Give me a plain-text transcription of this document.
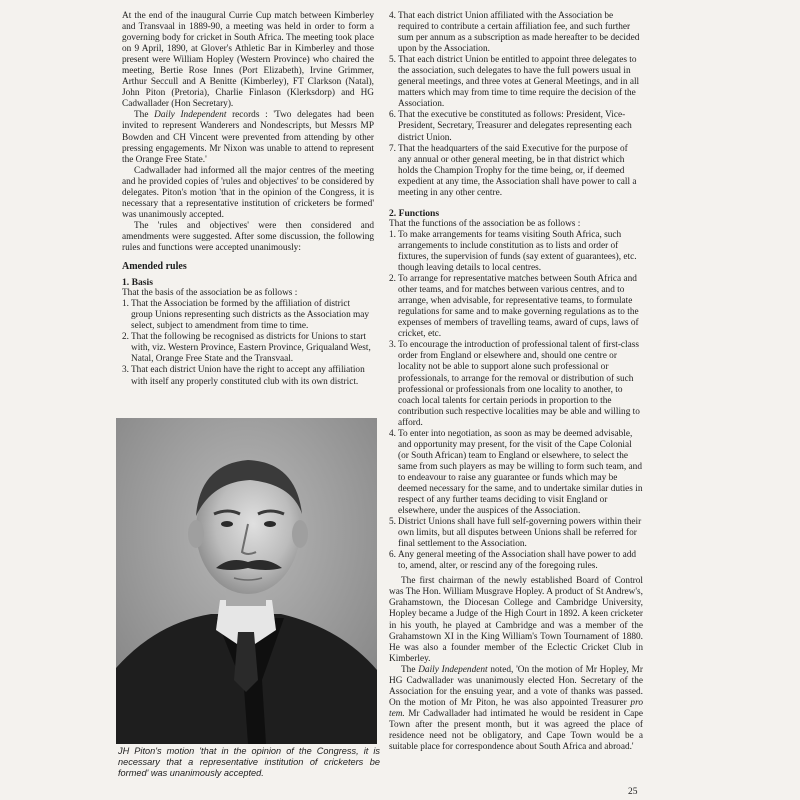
At the end of the inaugural Currie Cup match between Kimberley and Transvaal in 1889-90, a meeting was held in order to form a governing body for cricket in South Africa. The meeting took place on 9 April, 1890, at Glover's Athletic Bar in Kimberley and those present were William Hopley (Western Province) who chaired the meeting, Bertie Rose Innes (Port Elizabeth), Irvine Grimmer, Arthur Seccull and A Benitte (Kimberley), FT Clarkson (Natal), John Piton (Pretoria), Charlie Finlason (Klerksdorp) and HG Cadwallader (Hon Secretary).

The Daily Independent records : 'Two delegates had been invited to represent Wanderers and Nondescripts, but Messrs MP Bowden and CH Vincent were prevented from attending by other pressing engagements. Mr Nixon was unable to attend to represent the Orange Free State.'

Cadwallader had informed all the major centres of the meeting and he provided copies of 'rules and objectives' to be considered by delegates. Piton's motion 'that in the opinion of the Congress, it is necessary that a representative institution of cricketers be formed' was unanimously accepted.

The 'rules and objectives' were then considered and amendments were suggested. After some discussion, the following rules and functions were accepted unanimously:

Amended rules

1. Basis

That the basis of the association be as follows :

1. That the Association be formed by the affiliation of district group Unions representing such districts as the Association may select, subject to amendment from time to time.
2. That the following be recognised as districts for Unions to start with, viz. Western Province, Eastern Province, Griqualand West, Natal, Orange Free State and the Transvaal.
3. That each district Union have the right to accept any affiliation with itself any properly constituted club with its own district.

JH Piton's motion 'that in the opinion of the Congress, it is necessary that a representative institution of cricketers be formed' was unanimously accepted.

4. That each district Union affiliated with the Association be required to contribute a certain affiliation fee, and such further sum per annum as a subscription as made hereafter to be decided upon by the Association.
5. That each district Union be entitled to appoint three delegates to the association, such delegates to have the full powers usual in general meetings, and three votes at General Meetings, and in all matters which may from time to time require the decision of the Association.
6. That the executive be constituted as follows: President, Vice-President, Secretary, Treasurer and delegates representing each district Union.
7. That the headquarters of the said Executive for the purpose of any annual or other general meeting, be in that district which holds the Champion Trophy for the time being, or, if deemed expedient at any time, the Association shall have power to call a meeting in any other centre.

2. Functions

That the functions of the association be as follows :

1. To make arrangements for teams visiting South Africa, such arrangements to include constitution as to lists and order of fixtures, the supervision of funds (say extent of guarantees), etc. though leaving details to local centres.
2. To arrange for representative matches between South Africa and other teams, and for matches between various centres, and to arrange, when advisable, for representative teams, to formulate regulations for same and to make governing regulations as to the expenses of members of travelling teams, award of cups, laws of cricket, etc.
3. To encourage the introduction of professional talent of first-class order from England or elsewhere and, should one centre or locality not be able to support alone such professional or professionals, to arrange for the removal or distribution of such professional or professionals from one locality to another, to coach local talents for certain periods in proportion to the contribution such respective localities may be able and willing to afford.
4. To enter into negotiation, as soon as may be deemed advisable, and opportunity may present, for the visit of the Cape Colonial (or South African) team to England or elsewhere, to select the same from such players as may be willing to form such team, and to endeavour to raise any guarantee or funds which may be deemed necessary for the same, and to undertake similar duties in respect of any further teams deciding to visit England or elsewhere, under the auspices of the Association.
5. District Unions shall have full self-governing powers within their own limits, but all disputes between Unions shall be referred for final settlement to the Association.
6. Any general meeting of the Association shall have power to add to, amend, alter, or rescind any of the foregoing rules.

The first chairman of the newly established Board of Control was The Hon. William Musgrave Hopley. A product of St Andrew's, Grahamstown, the Diocesan College and Cambridge University, Hopley became a Judge of the High Court in 1892. A keen cricketer in his youth, he played at Cambridge and was a member of the Grahamstown XI in the King William's Town Tournament of 1880. He was also a founder member of the Eclectic Cricket Club in Kimberley.

The Daily Independent noted, 'On the motion of Mr Hopley, Mr HG Cadwallader was unanimously elected Hon. Secretary of the Association for the ensuing year, and a vote of thanks was passed. On the motion of Mr Piton, he was also appointed Treasurer pro tem. Mr Cadwallader had intimated he would be resident in Cape Town after the present month, but it was agreed the place of residence need not be obligatory, and Cape Town would be a suitable place for correspondence about South Africa and abroad.'

25
